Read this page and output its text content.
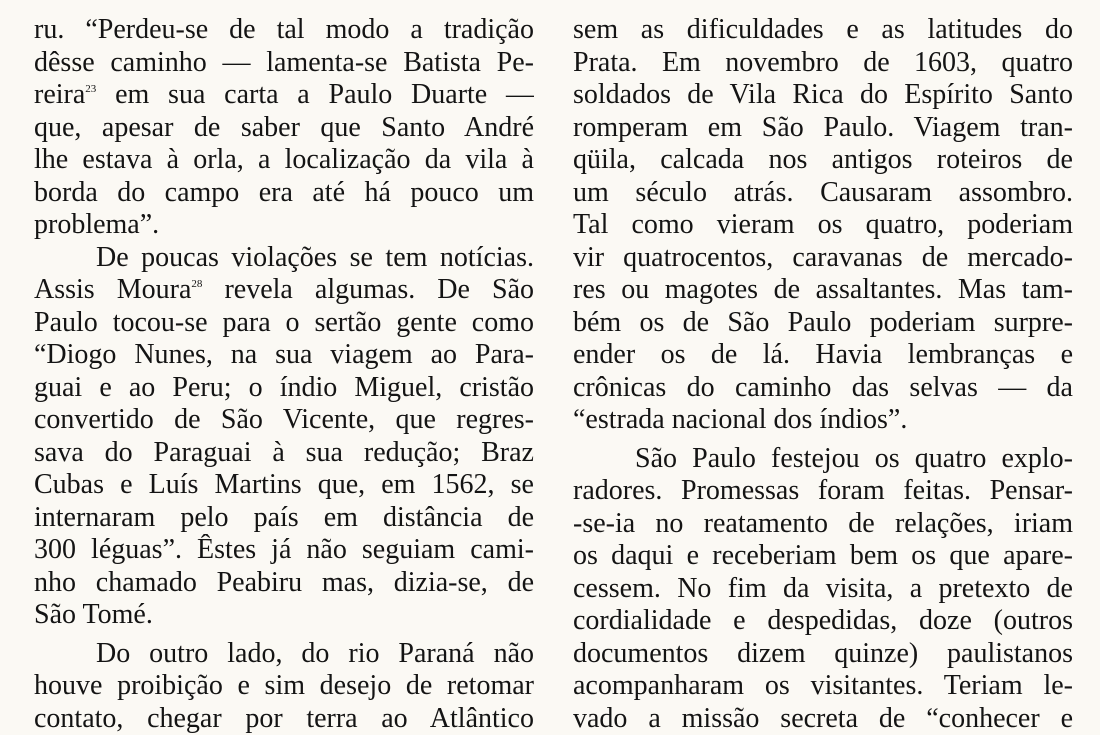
ru. “Perdeu-se de tal modo a tradição
dêsse caminho — lamenta-se Batista Pe-
reira$^{23}$ em sua carta a Paulo Duarte —
que, apesar de saber que Santo André
lhe estava à orla, a localização da vila à
borda do campo era até há pouco um
problema”.
De poucas violações se tem notícias.
Assis Moura$^{28}$ revela algumas. De São
Paulo tocou-se para o sertão gente como
“Diogo Nunes, na sua viagem ao Para-
guai e ao Peru; o índio Miguel, cristão
convertido de São Vicente, que regres-
sava do Paraguai à sua redução; Braz
Cubas e Luís Martins que, em 1562, se
internaram pelo país em distância de
300 léguas”. Êstes já não seguiam cami-
nho chamado Peabiru mas, dizia-se, de
São Tomé.
Do outro lado, do rio Paraná não
houve proibição e sim desejo de retomar
contato, chegar por terra ao Atlântico
sem as dificuldades e as latitudes do
Prata. Em novembro de 1603, quatro
soldados de Vila Rica do Espírito Santo
romperam em São Paulo. Viagem tran-
qüila, calcada nos antigos roteiros de
um século atrás. Causaram assombro.
Tal como vieram os quatro, poderiam
vir quatrocentos, caravanas de mercado-
res ou magotes de assaltantes. Mas tam-
bém os de São Paulo poderiam surpre-
ender os de lá. Havia lembranças e
crônicas do caminho das selvas — da
“estrada nacional dos índios”.
São Paulo festejou os quatro explo-
radores. Promessas foram feitas. Pensar-
-se-ia no reatamento de relações, iriam
os daqui e receberiam bem os que apare-
cessem. No fim da visita, a pretexto de
cordialidade e despedidas, doze (outros
documentos dizem quinze) paulistanos
acompanharam os visitantes. Teriam le-
vado a missão secreta de “conhecer e
